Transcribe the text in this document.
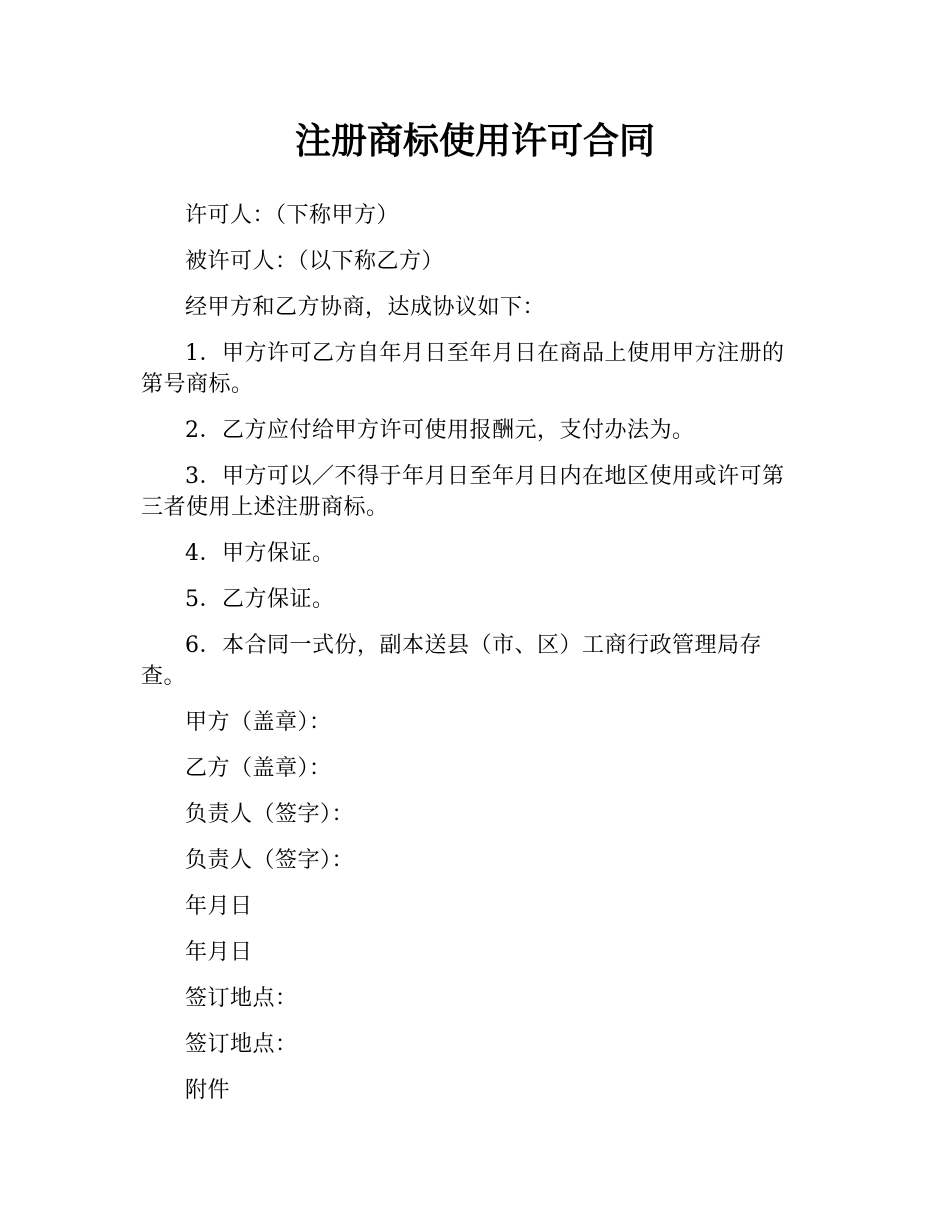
注册商标使用许可合同

许可人：（下称甲方）

被许可人：（以下称乙方）

经甲方和乙方协商，达成协议如下：

1．甲方许可乙方自年月日至年月日在商品上使用甲方注册的第号商标。

2．乙方应付给甲方许可使用报酬元，支付办法为。

3．甲方可以／不得于年月日至年月日内在地区使用或许可第三者使用上述注册商标。

4．甲方保证。

5．乙方保证。

6．本合同一式份，副本送县（市、区）工商行政管理局存查。

甲方（盖章）：

乙方（盖章）：

负责人（签字）：

负责人（签字）：

年月日

年月日

签订地点：

签订地点：

附件
